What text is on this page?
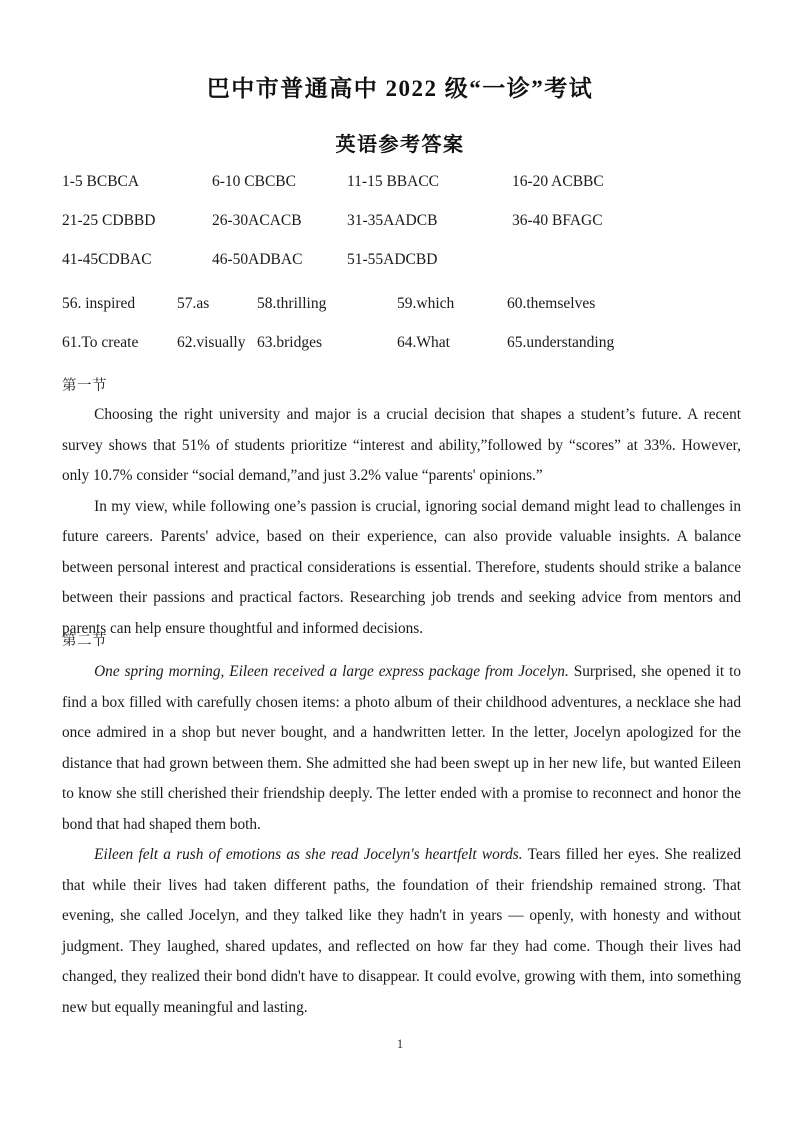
巴中市普通高中 2022 级“一诊”考试
英语参考答案
1-5 BCBCA	6-10 CBCBC	11-15 BBACC	16-20 ACBBC
21-25 CDBBD	26-30ACACB	31-35AADCB	36-40 BFAGC
41-45CDBAC	46-50ADBAC	51-55ADCBD
56. inspired	57.as	58.thrilling	59.which	60.themselves
61.To create 62.visually 63.bridges	64.What	65.understanding
第一节

Choosing the right university and major is a crucial decision that shapes a student’s future. A recent survey shows that 51% of students prioritize “interest and ability,”followed by “scores” at 33%. However, only 10.7% consider “social demand,”and just 3.2% value “parents' opinions.”

In my view, while following one’s passion is crucial, ignoring social demand might lead to challenges in future careers. Parents' advice, based on their experience, can also provide valuable insights. A balance between personal interest and practical considerations is essential. Therefore, students should strike a balance between their passions and practical factors. Researching job trends and seeking advice from mentors and parents can help ensure thoughtful and informed decisions.

第二节

One spring morning, Eileen received a large express package from Jocelyn. Surprised, she opened it to find a box filled with carefully chosen items: a photo album of their childhood adventures, a necklace she had once admired in a shop but never bought, and a handwritten letter. In the letter, Jocelyn apologized for the distance that had grown between them. She admitted she had been swept up in her new life, but wanted Eileen to know she still cherished their friendship deeply. The letter ended with a promise to reconnect and honor the bond that had shaped them both.

Eileen felt a rush of emotions as she read Jocelyn's heartfelt words. Tears filled her eyes. She realized that while their lives had taken different paths, the foundation of their friendship remained strong. That evening, she called Jocelyn, and they talked like they hadn't in years — openly, with honesty and without judgment. They laughed, shared updates, and reflected on how far they had come. Though their lives had changed, they realized their bond didn't have to disappear. It could evolve, growing with them, into something new but equally meaningful and lasting.

1
